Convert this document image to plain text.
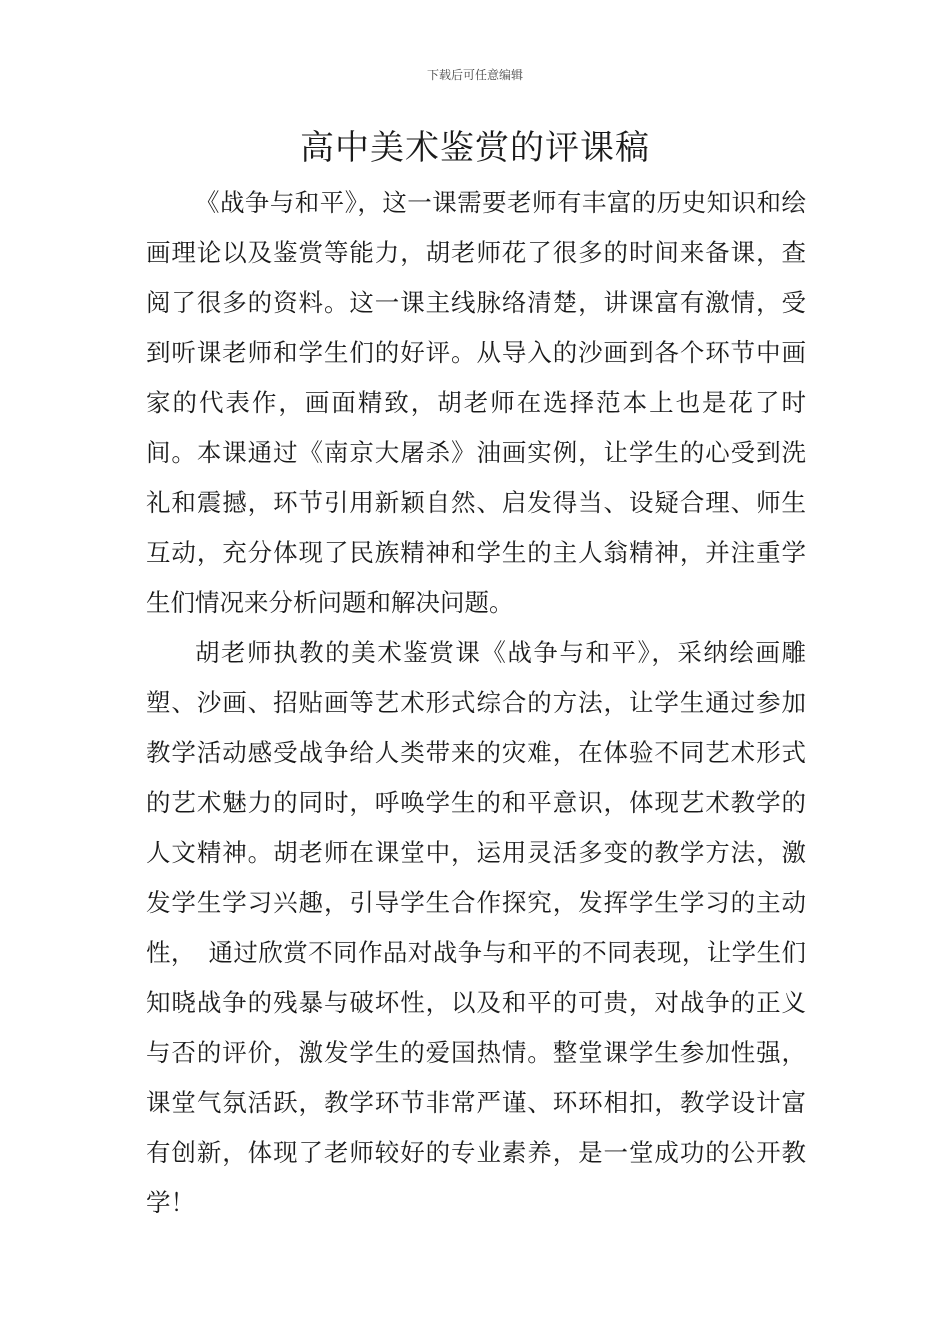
下载后可任意编辑
高中美术鉴赏的评课稿

《战争与和平》，这一课需要老师有丰富的历史知识和绘画理论以及鉴赏等能力，胡老师花了很多的时间来备课，查阅了很多的资料。这一课主线脉络清楚，讲课富有激情，受到听课老师和学生们的好评。从导入的沙画到各个环节中画家的代表作，画面精致，胡老师在选择范本上也是花了时间。本课通过《南京大屠杀》油画实例，让学生的心受到洗礼和震撼，环节引用新颖自然、启发得当、设疑合理、师生互动，充分体现了民族精神和学生的主人翁精神，并注重学生们情况来分析问题和解决问题。

胡老师执教的美术鉴赏课《战争与和平》，采纳绘画雕塑、沙画、招贴画等艺术形式综合的方法，让学生通过参加教学活动感受战争给人类带来的灾难，在体验不同艺术形式的艺术魅力的同时，呼唤学生的和平意识，体现艺术教学的人文精神。胡老师在课堂中，运用灵活多变的教学方法，激发学生学习兴趣，引导学生合作探究，发挥学生学习的主动性，　通过欣赏不同作品对战争与和平的不同表现，让学生们知晓战争的残暴与破坏性，以及和平的可贵，对战争的正义与否的评价，激发学生的爱国热情。整堂课学生参加性强，课堂气氛活跃，教学环节非常严谨、环环相扣，教学设计富有创新，体现了老师较好的专业素养，是一堂成功的公开教学！
